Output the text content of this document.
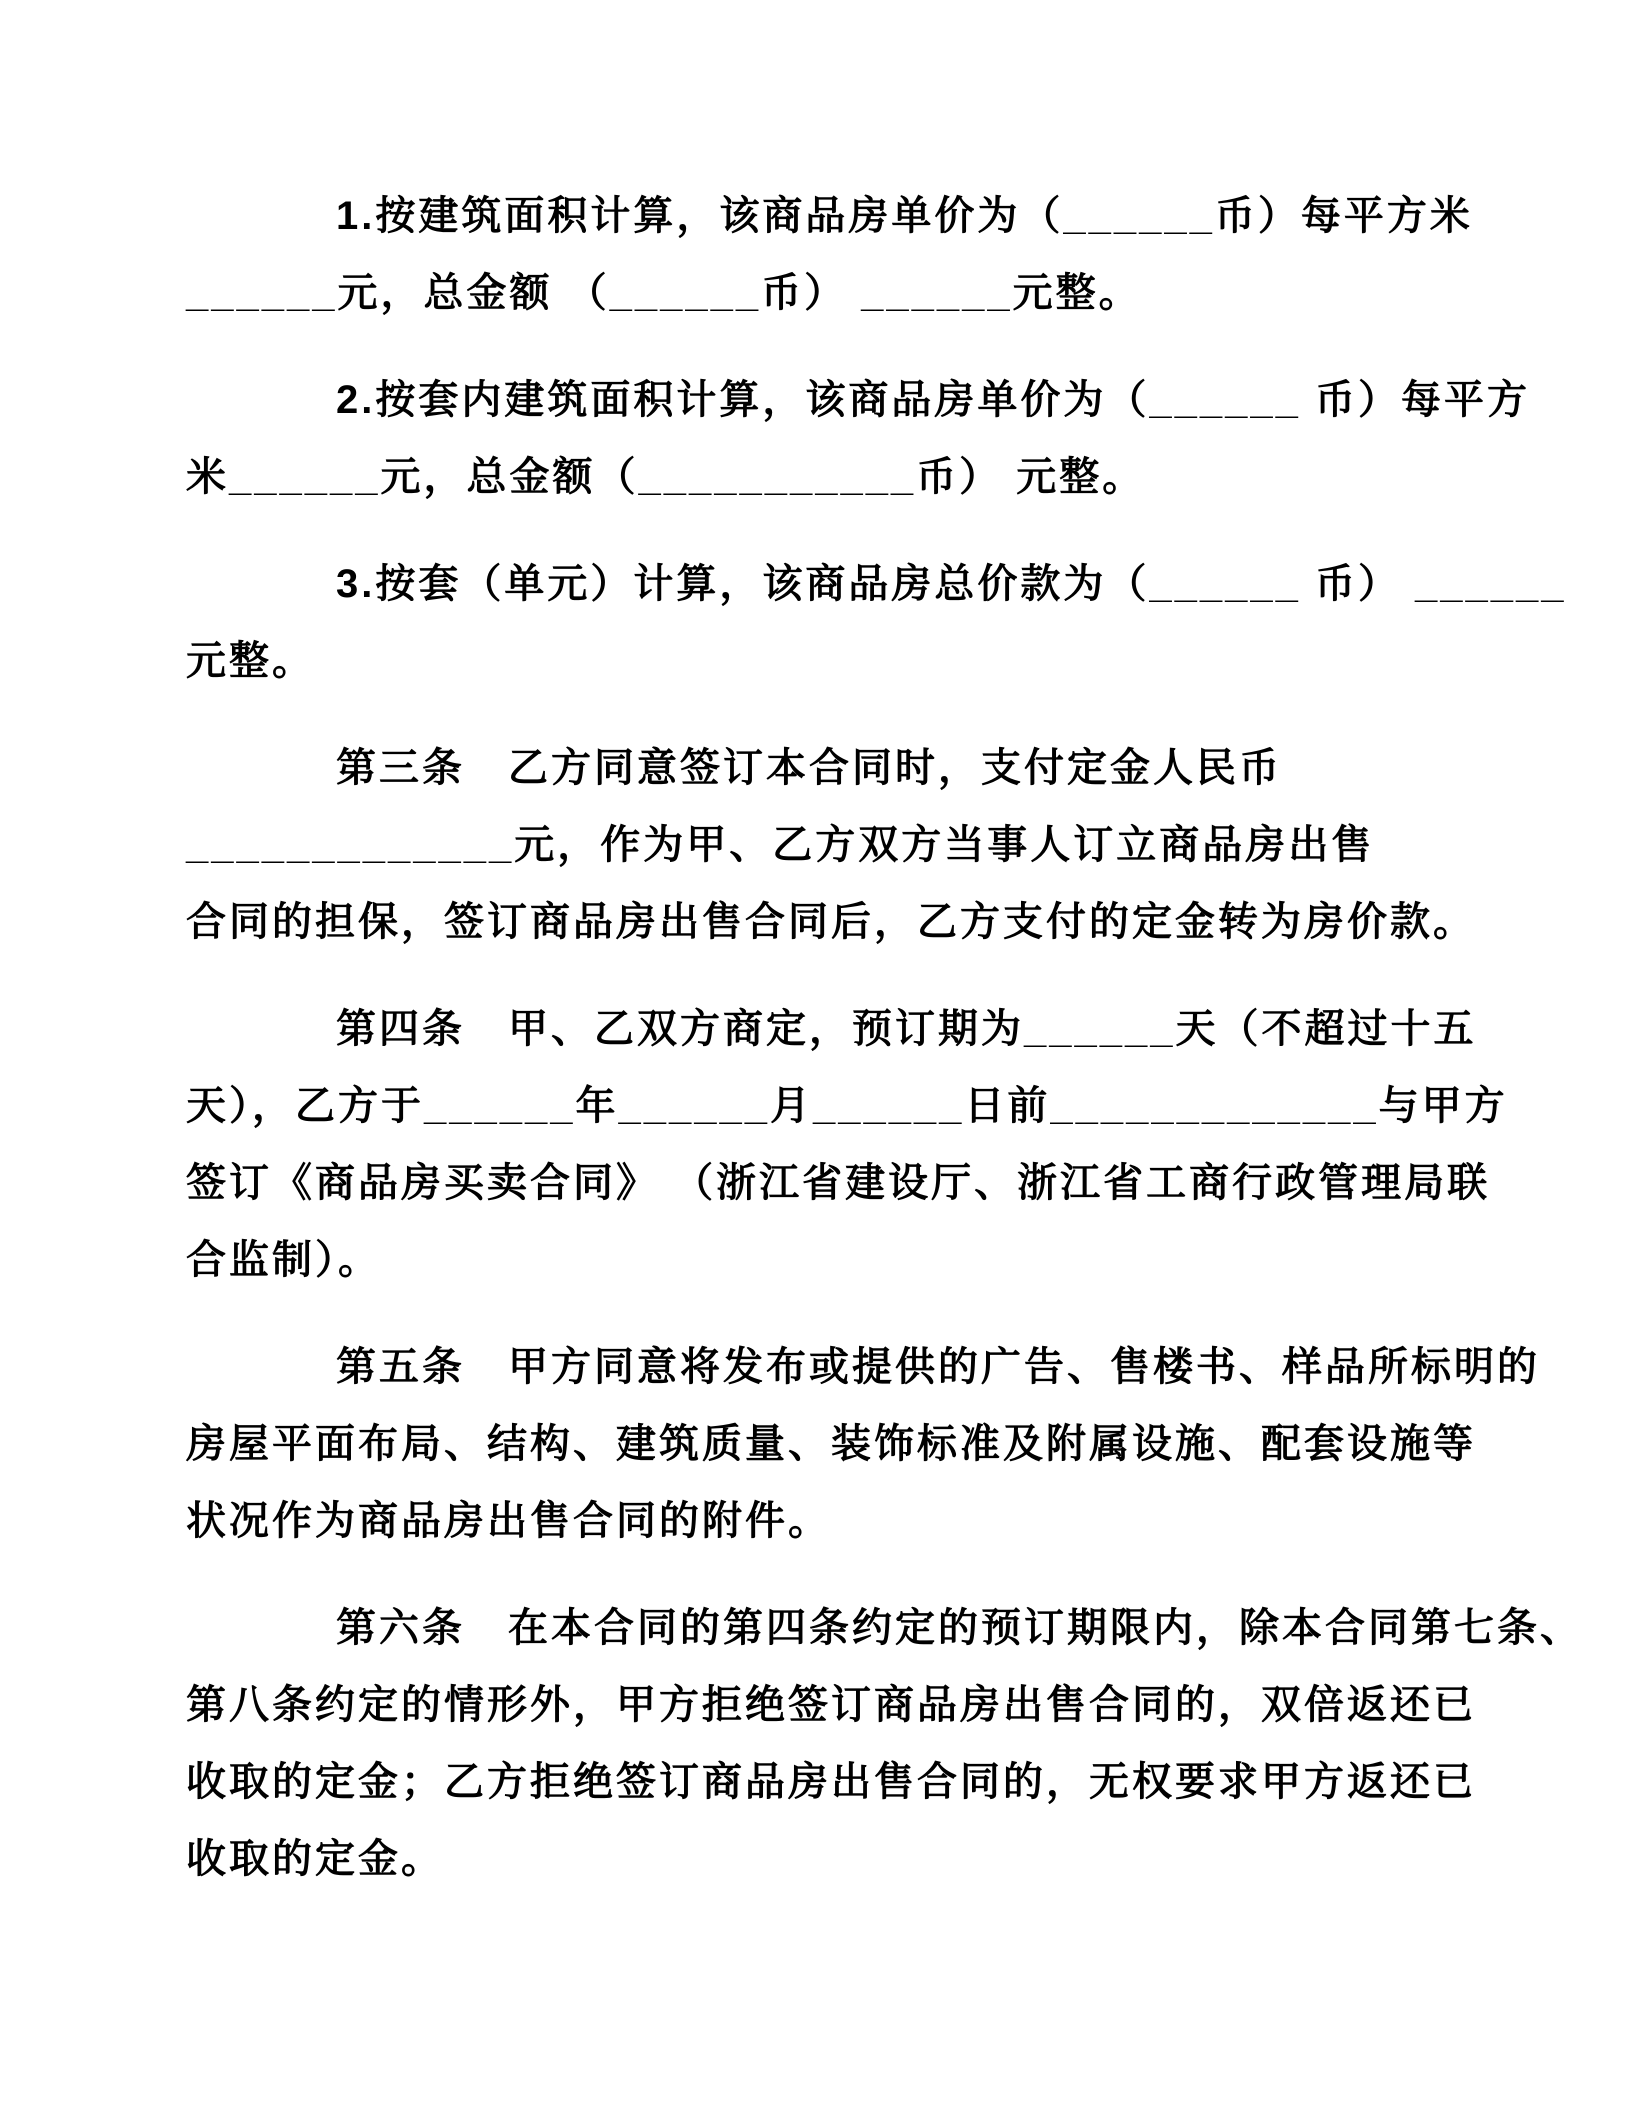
1.按建筑面积计算，该商品房单价为（______币）每平方米
______元，总金额 （______币） ______元整。
2.按套内建筑面积计算，该商品房单价为（______ 币）每平方
米______元，总金额（___________币） 元整。
3.按套（单元）计算，该商品房总价款为（______ 币） ______
元整。
第三条　乙方同意签订本合同时，支付定金人民币
_____________元，作为甲、乙方双方当事人订立商品房出售
合同的担保，签订商品房出售合同后，乙方支付的定金转为房价款。
第四条　甲、乙双方商定，预订期为______天（不超过十五
天），乙方于______年______月______日前_____________与甲方
签订《商品房买卖合同》 （浙江省建设厅、浙江省工商行政管理局联
合监制）。
第五条　甲方同意将发布或提供的广告、售楼书、样品所标明的
房屋平面布局、结构、建筑质量、装饰标准及附属设施、配套设施等
状况作为商品房出售合同的附件。
第六条　在本合同的第四条约定的预订期限内，除本合同第七条、
第八条约定的情形外，甲方拒绝签订商品房出售合同的，双倍返还已
收取的定金；乙方拒绝签订商品房出售合同的，无权要求甲方返还已
收取的定金。
